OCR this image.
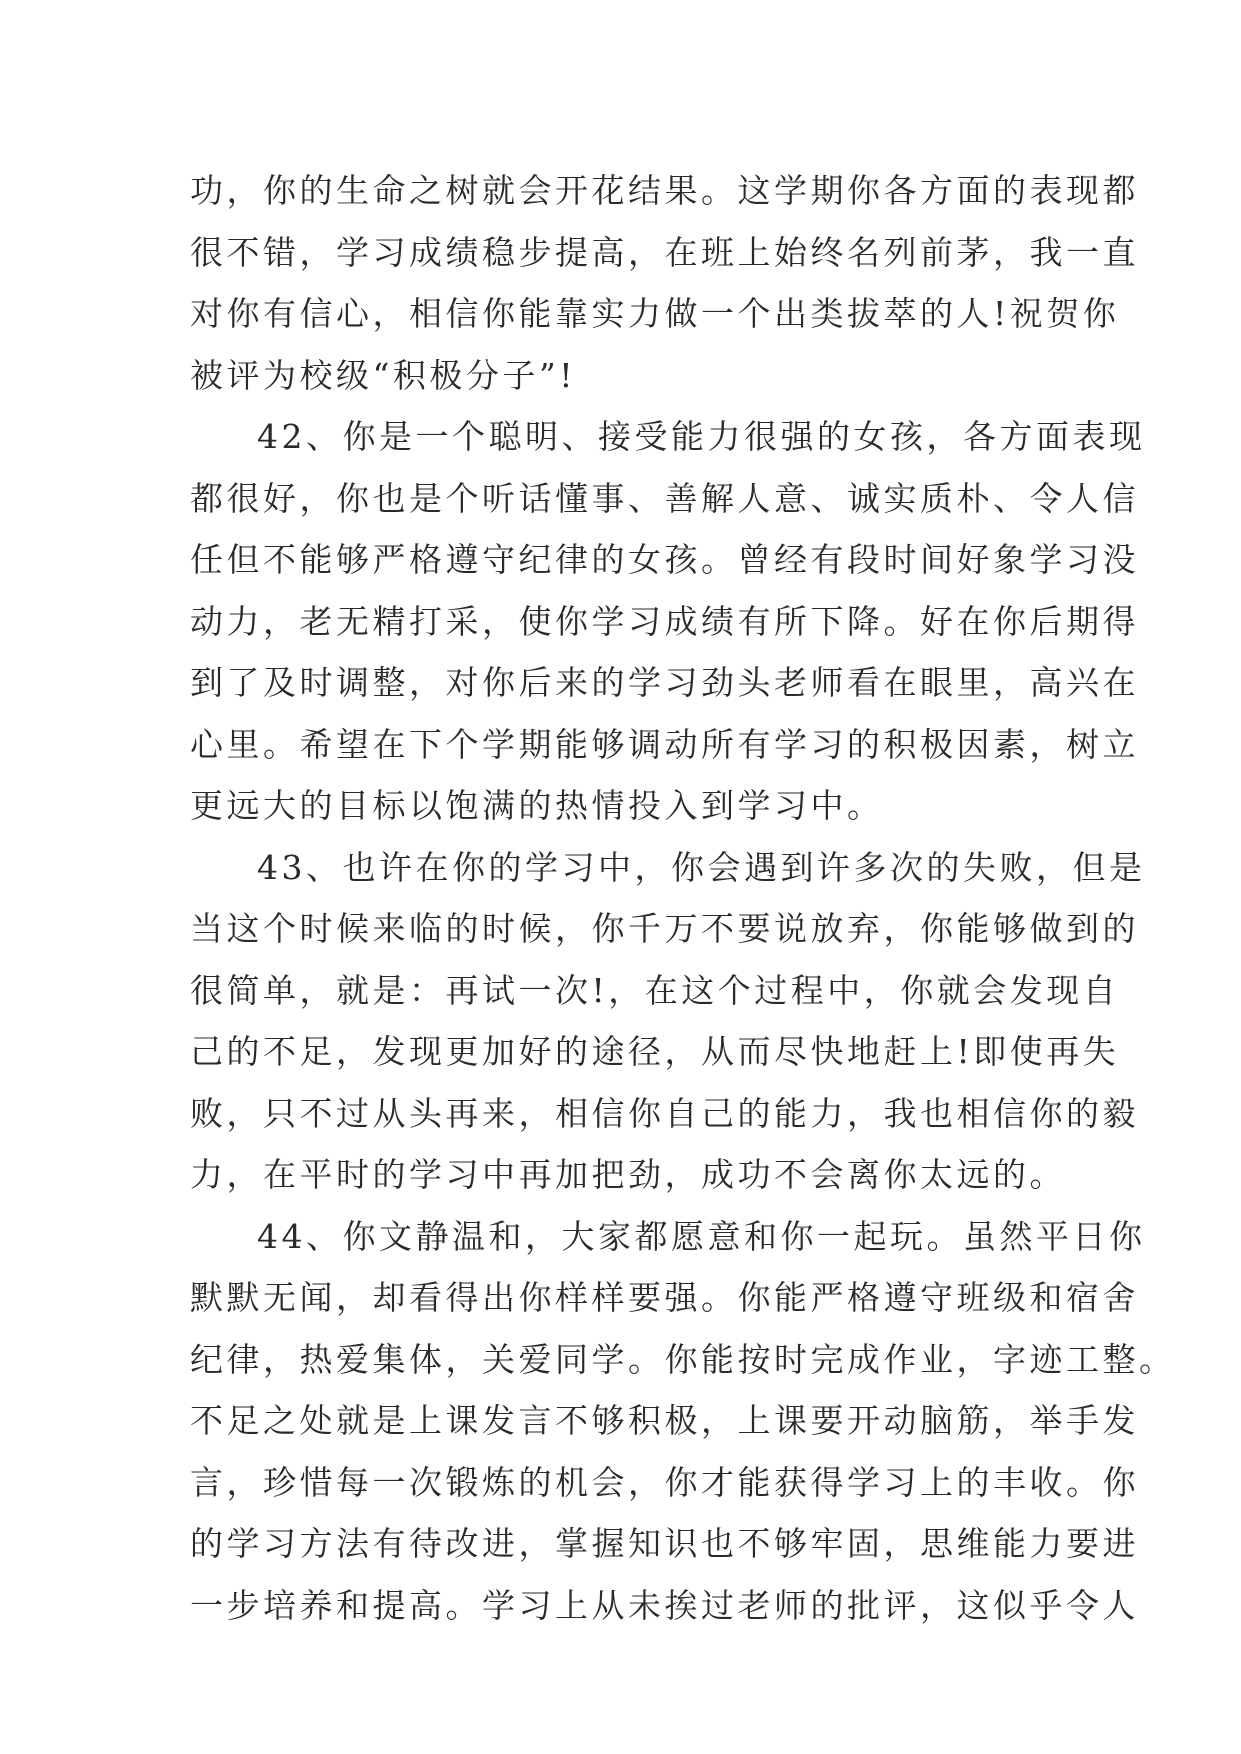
功，你的生命之树就会开花结果。这学期你各方面的表现都
很不错，学习成绩稳步提高，在班上始终名列前茅，我一直
对你有信心，相信你能靠实力做一个出类拔萃的人!祝贺你
被评为校级“积极分子”!
42、你是一个聪明、接受能力很强的女孩，各方面表现
都很好，你也是个听话懂事、善解人意、诚实质朴、令人信
任但不能够严格遵守纪律的女孩。曾经有段时间好象学习没
动力，老无精打采，使你学习成绩有所下降。好在你后期得
到了及时调整，对你后来的学习劲头老师看在眼里，高兴在
心里。希望在下个学期能够调动所有学习的积极因素，树立
更远大的目标以饱满的热情投入到学习中。
43、也许在你的学习中，你会遇到许多次的失败，但是
当这个时候来临的时候，你千万不要说放弃，你能够做到的
很简单，就是：再试一次!，在这个过程中，你就会发现自
己的不足，发现更加好的途径，从而尽快地赶上!即使再失
败，只不过从头再来，相信你自己的能力，我也相信你的毅
力，在平时的学习中再加把劲，成功不会离你太远的。
44、你文静温和，大家都愿意和你一起玩。虽然平日你
默默无闻，却看得出你样样要强。你能严格遵守班级和宿舍
纪律，热爱集体，关爱同学。你能按时完成作业，字迹工整。
不足之处就是上课发言不够积极，上课要开动脑筋，举手发
言，珍惜每一次锻炼的机会，你才能获得学习上的丰收。你
的学习方法有待改进，掌握知识也不够牢固，思维能力要进
一步培养和提高。学习上从未挨过老师的批评，这似乎令人
